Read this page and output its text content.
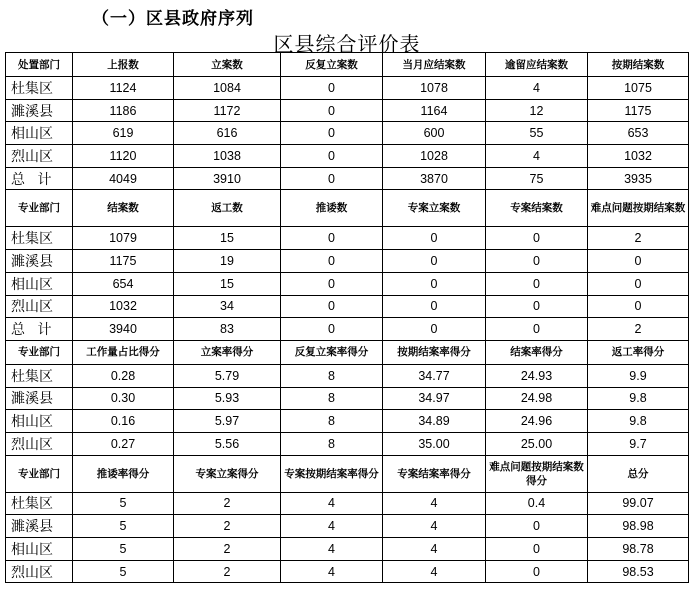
（一）区县政府序列
区县综合评价表
处置部门	上报数	立案数	反复立案数	当月应结案数	逾留应结案数	按期结案数
杜集区	1124	1084	0	1078	4	1075
濉溪县	1186	1172	0	1164	12	1175
相山区	619	616	0	600	55	653
烈山区	1120	1038	0	1028	4	1032
总 计	4049	3910	0	3870	75	3935
专业部门	结案数	返工数	推诿数	专案立案数	专案结案数	难点问题按期结案数
杜集区	1079	15	0	0	0	2
濉溪县	1175	19	0	0	0	0
相山区	654	15	0	0	0	0
烈山区	1032	34	0	0	0	0
总 计	3940	83	0	0	0	2
专业部门	工作量占比得分	立案率得分	反复立案率得分	按期结案率得分	结案率得分	返工率得分
杜集区	0.28	5.79	8	34.77	24.93	9.9
濉溪县	0.30	5.93	8	34.97	24.98	9.8
相山区	0.16	5.97	8	34.89	24.96	9.8
烈山区	0.27	5.56	8	35.00	25.00	9.7
专业部门	推诿率得分	专案立案得分	专案按期结案率得分	专案结案率得分	难点问题按期结案数得分	总分
杜集区	5	2	4	4	0.4	99.07
濉溪县	5	2	4	4	0	98.98
相山区	5	2	4	4	0	98.78
烈山区	5	2	4	4	0	98.53
